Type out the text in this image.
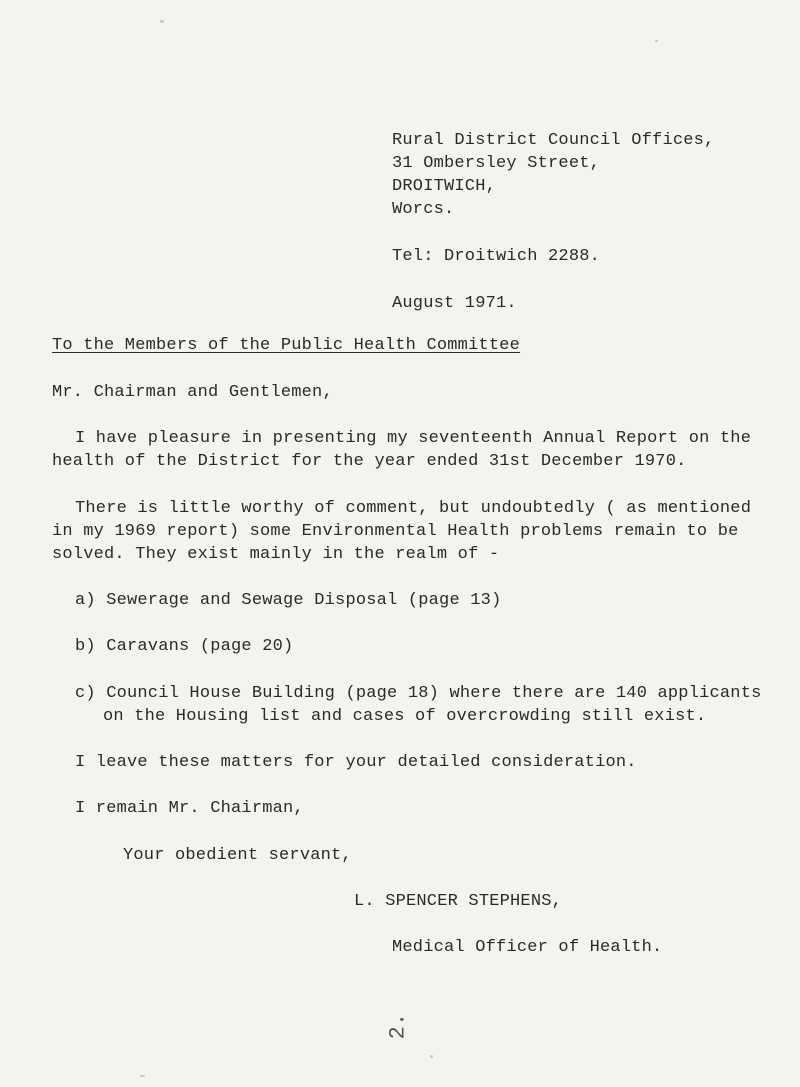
Rural District Council Offices,
31 Ombersley Street,
DROITWICH,
Worcs.
Tel: Droitwich 2288.
August 1971.
To the Members of the Public Health Committee
Mr. Chairman and Gentlemen,
I have pleasure in presenting my seventeenth Annual Report on the
health of the District for the year ended 31st December 1970.
There is little worthy of comment, but undoubtedly ( as mentioned
in my 1969 report) some Environmental Health problems remain to be
solved. They exist mainly in the realm of -
a) Sewerage and Sewage Disposal (page 13)
b) Caravans (page 20)
c) Council House Building (page 18) where there are 140 applicants
on the Housing list and cases of overcrowding still exist.
I leave these matters for your detailed consideration.
I remain Mr. Chairman,
Your obedient servant,
L. SPENCER STEPHENS,
Medical Officer of Health.
2.
